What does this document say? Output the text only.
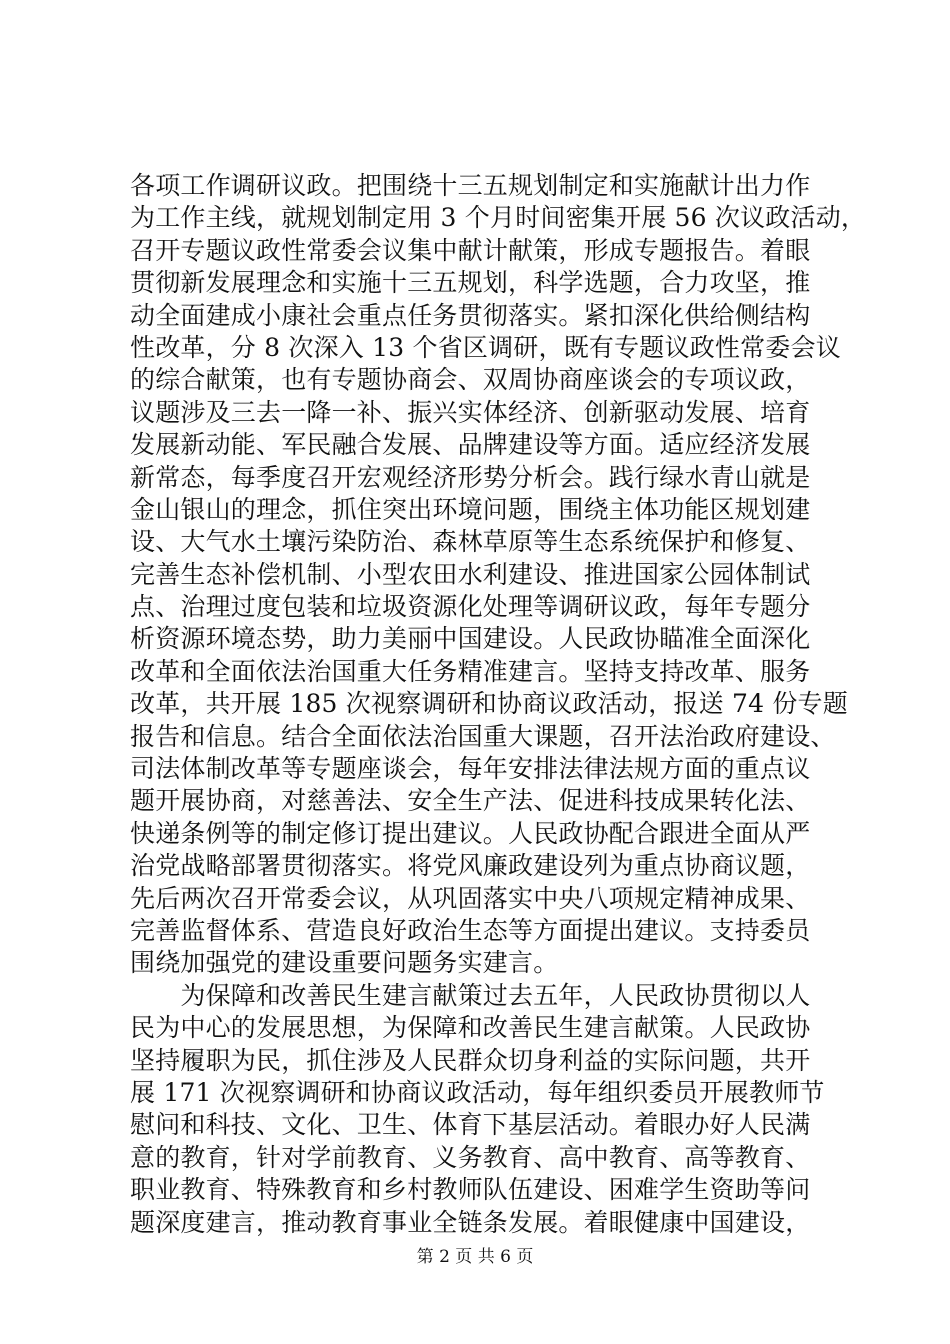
各项工作调研议政。把围绕十三五规划制定和实施献计出力作
为工作主线，就规划制定用 3 个月时间密集开展 56 次议政活动，
召开专题议政性常委会议集中献计献策，形成专题报告。着眼
贯彻新发展理念和实施十三五规划，科学选题，合力攻坚，推
动全面建成小康社会重点任务贯彻落实。紧扣深化供给侧结构
性改革，分 8 次深入 13 个省区调研，既有专题议政性常委会议
的综合献策，也有专题协商会、双周协商座谈会的专项议政，
议题涉及三去一降一补、振兴实体经济、创新驱动发展、培育
发展新动能、军民融合发展、品牌建设等方面。适应经济发展
新常态，每季度召开宏观经济形势分析会。践行绿水青山就是
金山银山的理念，抓住突出环境问题，围绕主体功能区规划建
设、大气水土壤污染防治、森林草原等生态系统保护和修复、
完善生态补偿机制、小型农田水利建设、推进国家公园体制试
点、治理过度包装和垃圾资源化处理等调研议政，每年专题分
析资源环境态势，助力美丽中国建设。人民政协瞄准全面深化
改革和全面依法治国重大任务精准建言。坚持支持改革、服务
改革，共开展 185 次视察调研和协商议政活动，报送 74 份专题
报告和信息。结合全面依法治国重大课题，召开法治政府建设、
司法体制改革等专题座谈会，每年安排法律法规方面的重点议
题开展协商，对慈善法、安全生产法、促进科技成果转化法、
快递条例等的制定修订提出建议。人民政协配合跟进全面从严
治党战略部署贯彻落实。将党风廉政建设列为重点协商议题，
先后两次召开常委会议，从巩固落实中央八项规定精神成果、
完善监督体系、营造良好政治生态等方面提出建议。支持委员
围绕加强党的建设重要问题务实建言。
　　为保障和改善民生建言献策过去五年，人民政协贯彻以人
民为中心的发展思想，为保障和改善民生建言献策。人民政协
坚持履职为民，抓住涉及人民群众切身利益的实际问题，共开
展 171 次视察调研和协商议政活动，每年组织委员开展教师节
慰问和科技、文化、卫生、体育下基层活动。着眼办好人民满
意的教育，针对学前教育、义务教育、高中教育、高等教育、
职业教育、特殊教育和乡村教师队伍建设、困难学生资助等问
题深度建言，推动教育事业全链条发展。着眼健康中国建设，
第 2 页 共 6 页
